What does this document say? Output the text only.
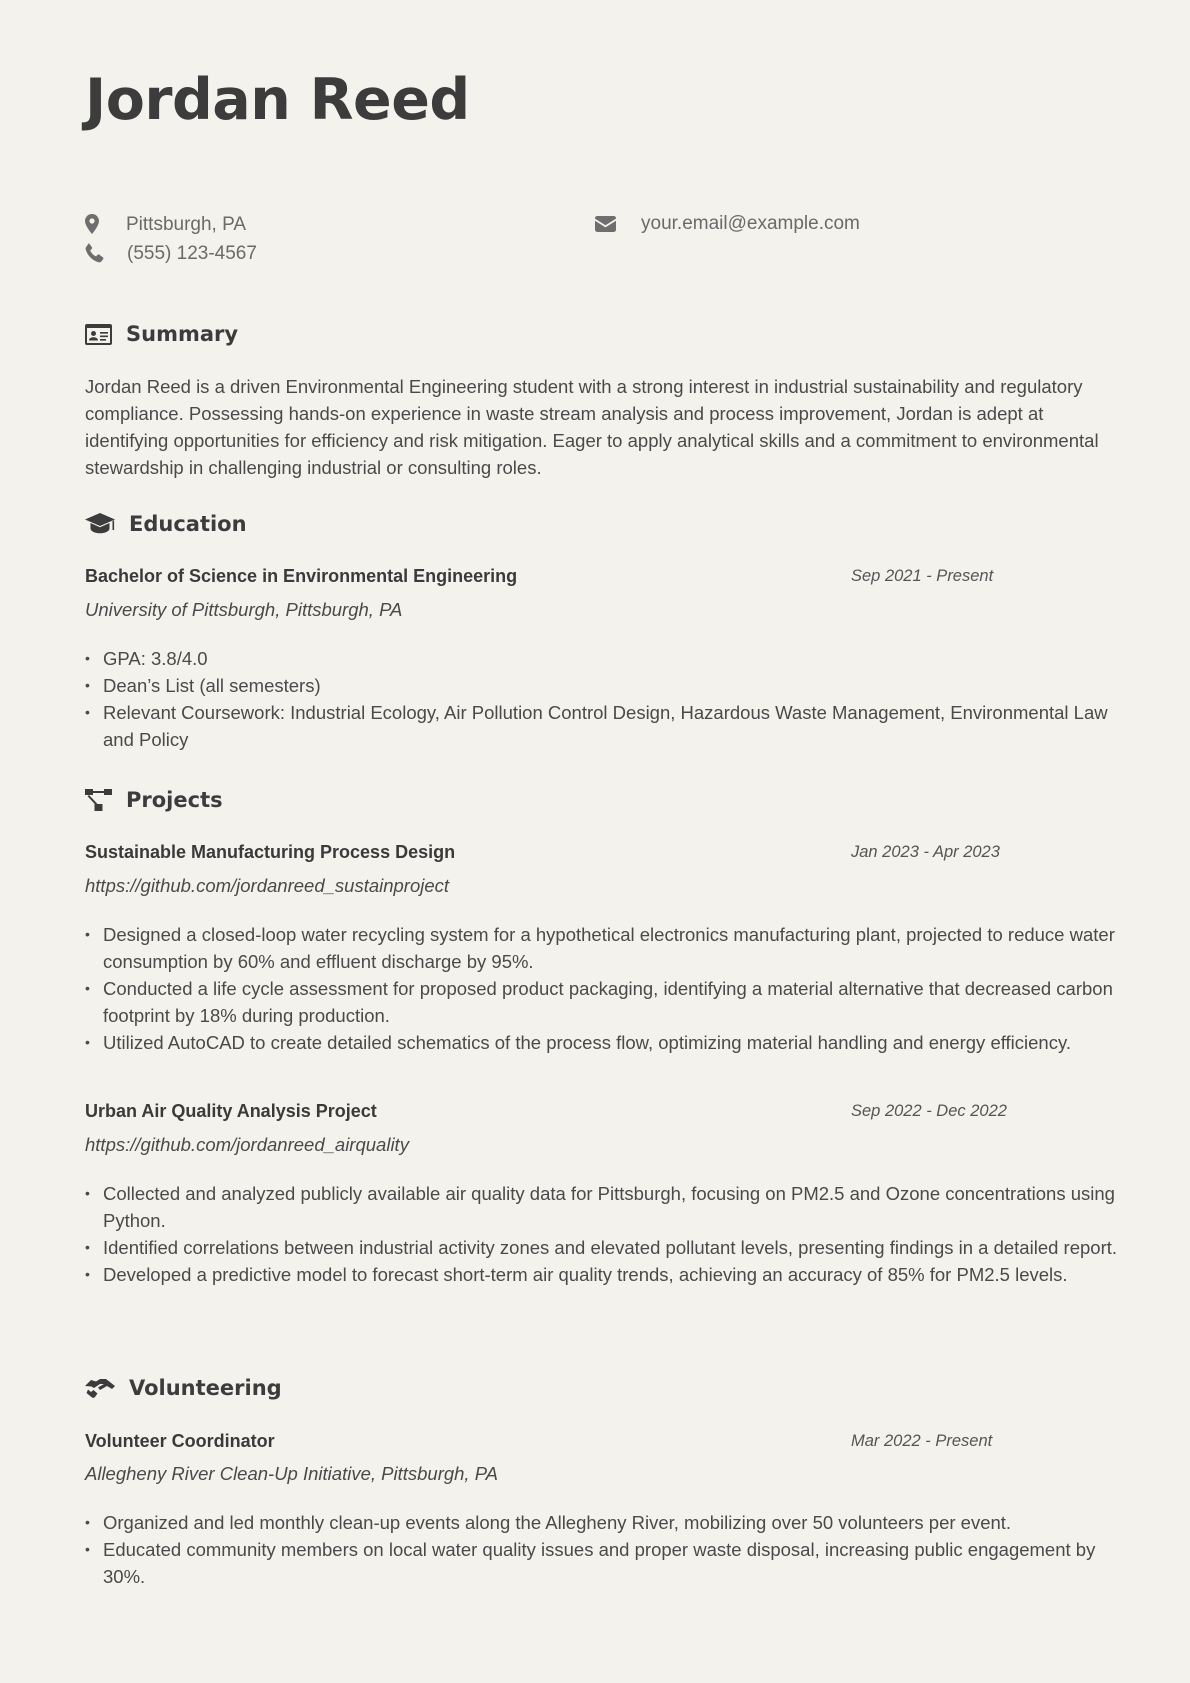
Jordan Reed
Pittsburgh, PA
(555) 123-4567
your.email@example.com
Summary
Jordan Reed is a driven Environmental Engineering student with a strong interest in industrial sustainability and regulatory compliance. Possessing hands-on experience in waste stream analysis and process improvement, Jordan is adept at identifying opportunities for efficiency and risk mitigation. Eager to apply analytical skills and a commitment to environmental stewardship in challenging industrial or consulting roles.
Education
Bachelor of Science in Environmental Engineering	Sep 2021 - Present
University of Pittsburgh, Pittsburgh, PA
• GPA: 3.8/4.0
• Dean’s List (all semesters)
• Relevant Coursework: Industrial Ecology, Air Pollution Control Design, Hazardous Waste Management, Environmental Law and Policy
Projects
Sustainable Manufacturing Process Design	Jan 2023 - Apr 2023
https://github.com/jordanreed_sustainproject
• Designed a closed-loop water recycling system for a hypothetical electronics manufacturing plant, projected to reduce water consumption by 60% and effluent discharge by 95%.
• Conducted a life cycle assessment for proposed product packaging, identifying a material alternative that decreased carbon footprint by 18% during production.
• Utilized AutoCAD to create detailed schematics of the process flow, optimizing material handling and energy efficiency.
Urban Air Quality Analysis Project	Sep 2022 - Dec 2022
https://github.com/jordanreed_airquality
• Collected and analyzed publicly available air quality data for Pittsburgh, focusing on PM2.5 and Ozone concentrations using Python.
• Identified correlations between industrial activity zones and elevated pollutant levels, presenting findings in a detailed report.
• Developed a predictive model to forecast short-term air quality trends, achieving an accuracy of 85% for PM2.5 levels.
Volunteering
Volunteer Coordinator	Mar 2022 - Present
Allegheny River Clean-Up Initiative, Pittsburgh, PA
• Organized and led monthly clean-up events along the Allegheny River, mobilizing over 50 volunteers per event.
• Educated community members on local water quality issues and proper waste disposal, increasing public engagement by 30%.
